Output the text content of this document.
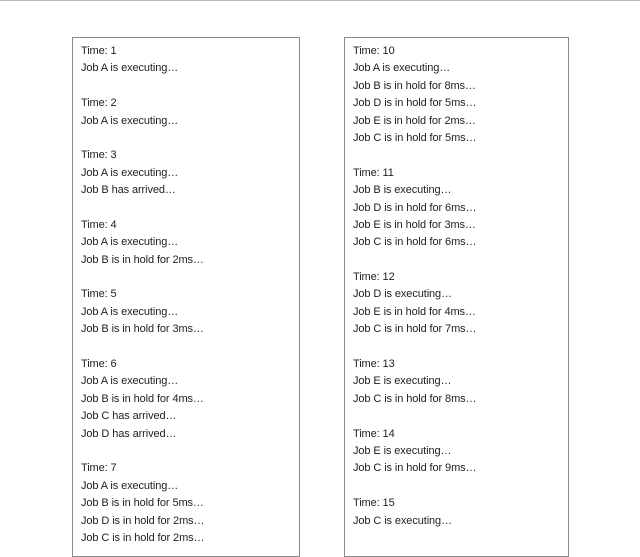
Time: 1
Job A is executing…
Time: 2
Job A is executing…
Time: 3
Job A is executing…
Job B has arrived…
Time: 4
Job A is executing…
Job B is in hold for 2ms…
Time: 5
Job A is executing…
Job B is in hold for 3ms…
Time: 6
Job A is executing…
Job B is in hold for 4ms…
Job C has arrived…
Job D has arrived…
Time: 7
Job A is executing…
Job B is in hold for 5ms…
Job D is in hold for 2ms…
Job C is in hold for 2ms…
Time: 10
Job A is executing…
Job B is in hold for 8ms…
Job D is in hold for 5ms…
Job E is in hold for 2ms…
Job C is in hold for 5ms…
Time: 11
Job B is executing…
Job D is in hold for 6ms…
Job E is in hold for 3ms…
Job C is in hold for 6ms…
Time: 12
Job D is executing…
Job E is in hold for 4ms…
Job C is in hold for 7ms…
Time: 13
Job E is executing…
Job C is in hold for 8ms…
Time: 14
Job E is executing…
Job C is in hold for 9ms…
Time: 15
Job C is executing…
